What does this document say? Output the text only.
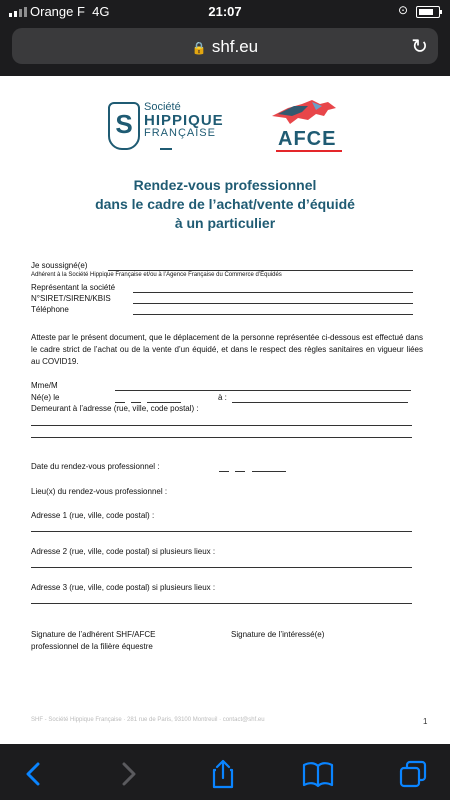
Orange F 4G	21:07	⊙
🔒 shf.eu	↻
S
Société
HIPPIQUE
FRANÇAISE	AFCE
Rendez-vous professionnel
dans le cadre de l’achat/vente d’équidé
à un particulier
Je soussigné(e)
Adhérent à la Société Hippique Française et/ou à l’Agence Française du Commerce d’Équidés
Représentant la société
N°SIRET/SIREN/KBIS
Téléphone
Atteste par le présent document, que le déplacement de la personne représentée ci-dessous est effectué dans le cadre strict de l’achat ou de la vente d’un équidé, et dans le respect des règles sanitaires en vigueur liées au COVID19.
Mme/M
Né(e) le	à :
Demeurant à l’adresse (rue, ville, code postal) :
Date du rendez-vous professionnel :
Lieu(x) du rendez-vous professionnel :
Adresse 1 (rue, ville, code postal) :
Adresse 2 (rue, ville, code postal) si plusieurs lieux :
Adresse 3 (rue, ville, code postal) si plusieurs lieux :
Signature de l’adhérent SHF/AFCE
professionnel de la filière équestre
Signature de l’intéressé(e)
SHF - Société Hippique Française · 281 rue de Paris, 93100 Montreuil · contact@shf.eu	1
